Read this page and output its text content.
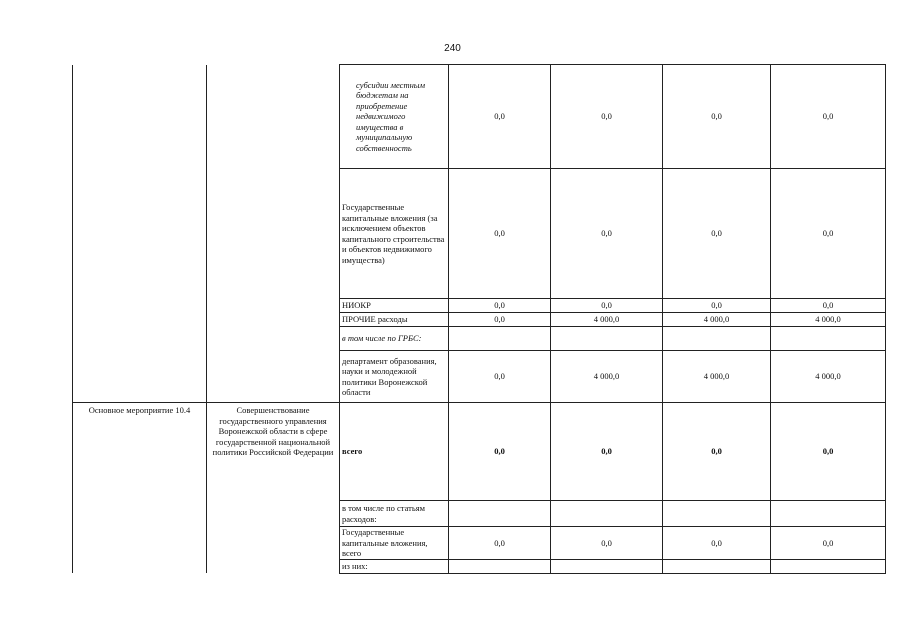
240
		субсидии местным бюджетам на приобретение недвижимого имущества в муниципальную собственность	0,0	0,0	0,0	0,0
		Государственные капитальные вложения (за исключением объектов капитального строительства и объектов недвижимого имущества)	0,0	0,0	0,0	0,0
		НИОКР	0,0	0,0	0,0	0,0
		ПРОЧИЕ расходы	0,0	4 000,0	4 000,0	4 000,0
		в том числе по ГРБС:				
		департамент образования, науки и молодежной политики Воронежской области	0,0	4 000,0	4 000,0	4 000,0
Основное мероприятие 10.4	Совершенствование государственного управления Воронежской области в сфере государственной национальной политики Российской Федерации	всего	0,0	0,0	0,0	0,0
		в том числе по статьям расходов:				
		Государственные капитальные вложения, всего	0,0	0,0	0,0	0,0
		из них:				
